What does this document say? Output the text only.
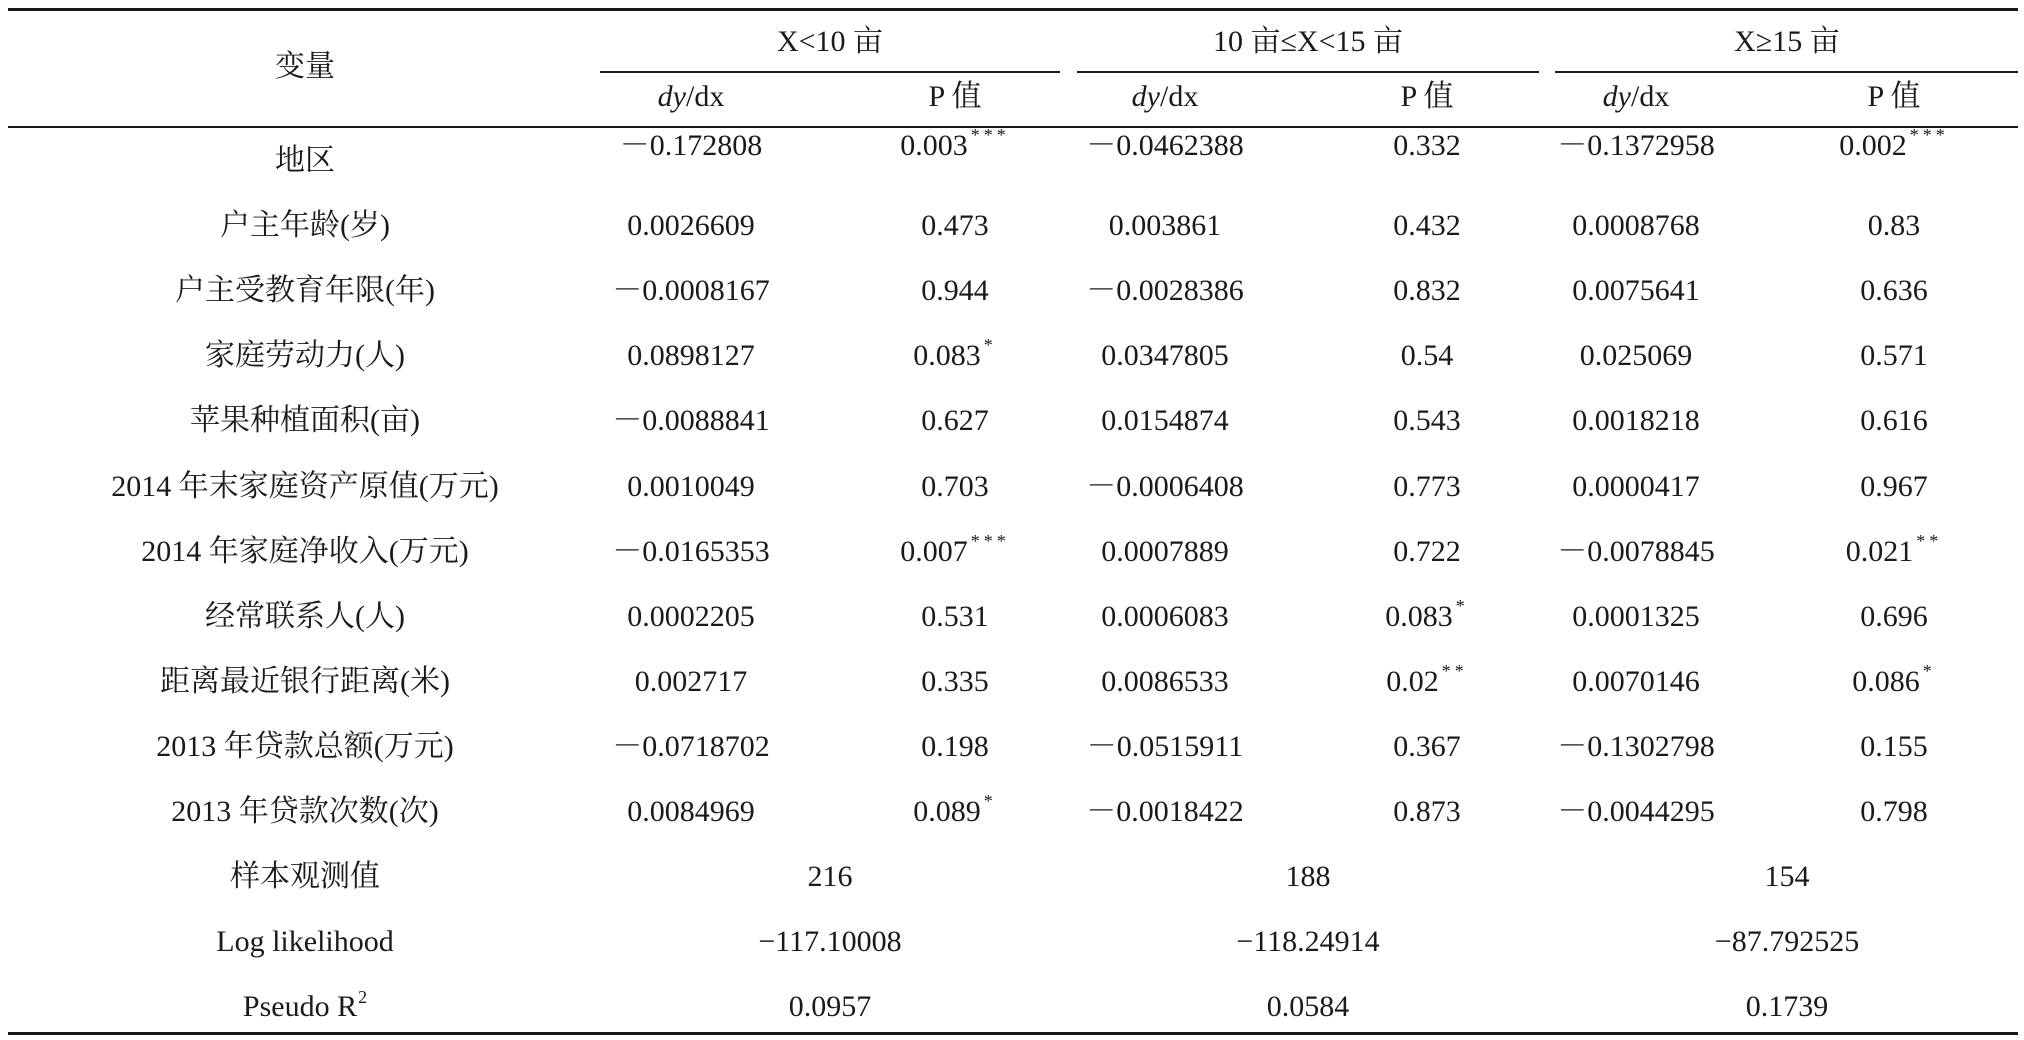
变量
X<10 亩	10 亩≤X<15 亩	X≥15 亩
dy/dx	P 值	dy/dx	P 值	dy/dx	P 值
地区	－0.172808	0.003 ***	－0.0462388	0.332	－0.1372958	0.002 ***
户主年龄(岁)	0.0026609	0.473	0.003861	0.432	0.0008768	0.83
户主受教育年限(年)	－0.0008167	0.944	－0.0028386	0.832	0.0075641	0.636
家庭劳动力(人)	0.0898127	0.083 *	0.0347805	0.54	0.025069	0.571
苹果种植面积(亩)	－0.0088841	0.627	0.0154874	0.543	0.0018218	0.616
2014 年末家庭资产原值(万元)	0.0010049	0.703	－0.0006408	0.773	0.0000417	0.967
2014 年家庭净收入(万元)	－0.0165353	0.007 ***	0.0007889	0.722	－0.0078845	0.021 **
经常联系人(人)	0.0002205	0.531	0.0006083	0.083 *	0.0001325	0.696
距离最近银行距离(米)	0.002717	0.335	0.0086533	0.02 **	0.0070146	0.086 *
2013 年贷款总额(万元)	－0.0718702	0.198	－0.0515911	0.367	－0.1302798	0.155
2013 年贷款次数(次)	0.0084969	0.089 *	－0.0018422	0.873	－0.0044295	0.798
样本观测值	216	188	154
Log likelihood	−117.10008	−118.24914	−87.792525
Pseudo $R^2$	0.0957	0.0584	0.1739
